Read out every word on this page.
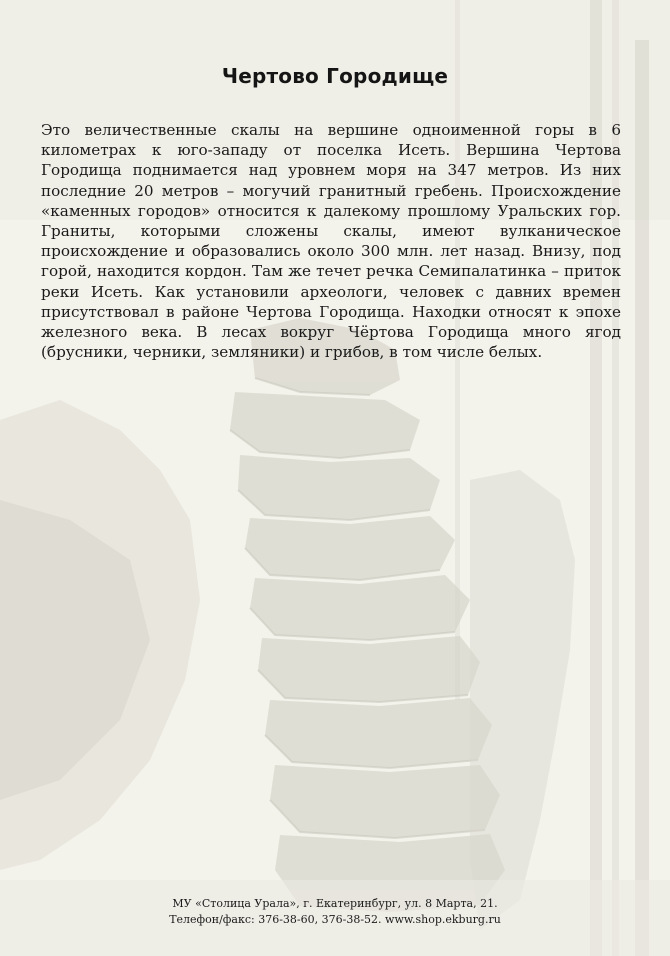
Чертово Городище

Это величественные скалы на вершине одноименной горы в 6 километрах к юго-западу от поселка Исеть. Вершина Чертова Городища поднимается над уровнем моря на 347 метров. Из них последние 20 метров – могучий гранитный гребень. Происхождение «каменных городов» относится к далекому прошлому Уральских гор. Граниты, которыми сложены скалы, имеют вулканическое происхождение и образовались около 300 млн. лет назад. Внизу, под горой, находится кордон. Там же течет речка Семипалатинка – приток реки Исеть. Как установили археологи, человек с давних времен присутствовал в районе Чертова Городища. Находки относят к эпохе железного века. В лесах вокруг Чёртова Городища много ягод (брусники, черники, земляники) и грибов, в том числе белых.

МУ «Столица Урала», г. Екатеринбург, ул. 8 Марта, 21.
Телефон/факс: 376-38-60, 376-38-52. www.shop.ekburg.ru
